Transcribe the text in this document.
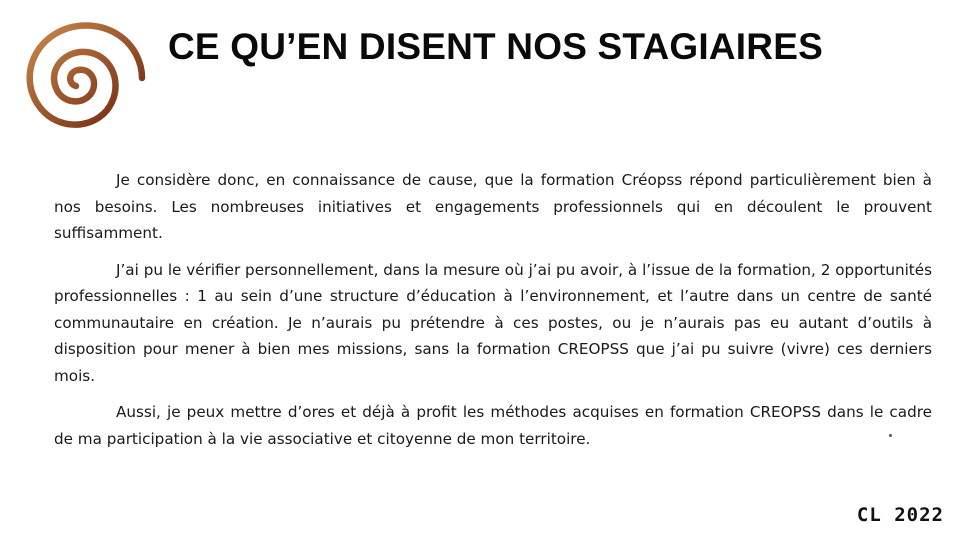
CE QU’EN DISENT NOS STAGIAIRES

Je considère donc, en connaissance de cause, que la formation Créopss répond particulièrement bien à nos besoins. Les nombreuses initiatives et engagements professionnels qui en découlent le prouvent suffisamment.

J’ai pu le vérifier personnellement, dans la mesure où j’ai pu avoir, à l’issue de la formation, 2 opportunités professionnelles : 1 au sein d’une structure d’éducation à l’environnement, et l’autre dans un centre de santé communautaire en création. Je n’aurais pu prétendre à ces postes, ou je n’aurais pas eu autant d’outils à disposition pour mener à bien mes missions, sans la formation CREOPSS que j’ai pu suivre (vivre) ces derniers mois.

Aussi, je peux mettre d’ores et déjà à profit les méthodes acquises en formation CREOPSS dans le cadre de ma participation à la vie associative et citoyenne de mon territoire.

CL 2022
